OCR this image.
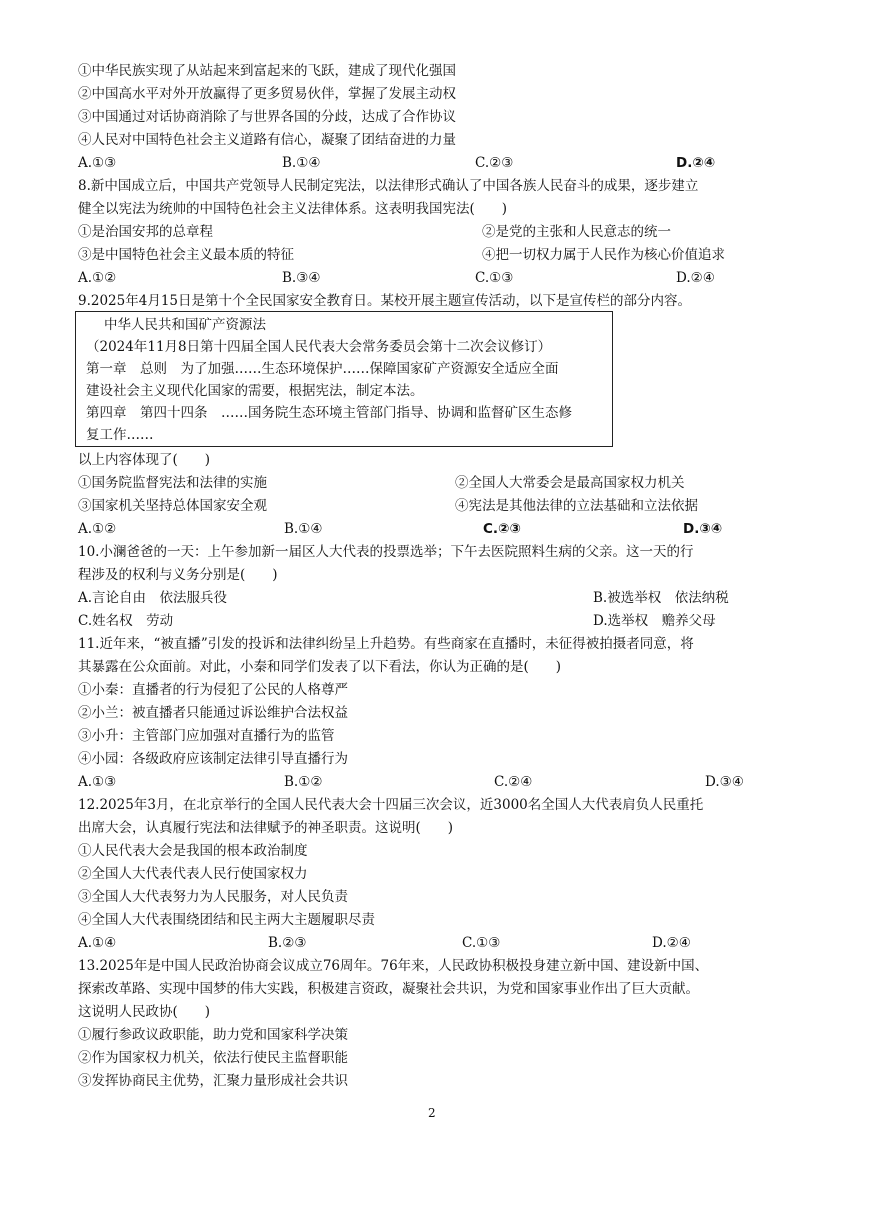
①中华民族实现了从站起来到富起来的飞跃，建成了现代化强国
②中国高水平对外开放赢得了更多贸易伙伴，掌握了发展主动权
③中国通过对话协商消除了与世界各国的分歧，达成了合作协议
④人民对中国特色社会主义道路有信心，凝聚了团结奋进的力量
A.①③	B.①④	C.②③	D.②④
8.新中国成立后，中国共产党领导人民制定宪法，以法律形式确认了中国各族人民奋斗的成果，逐步建立
健全以宪法为统帅的中国特色社会主义法律体系。这表明我国宪法(　　)
①是治国安邦的总章程	②是党的主张和人民意志的统一
③是中国特色社会主义最本质的特征	④把一切权力属于人民作为核心价值追求
A.①②	B.③④	C.①③	D.②④
9.2025年4月15日是第十个全民国家安全教育日。某校开展主题宣传活动，以下是宣传栏的部分内容。
中华人民共和国矿产资源法
（2024年11月8日第十四届全国人民代表大会常务委员会第十二次会议修订）
第一章　总则　为了加强……生态环境保护……保障国家矿产资源安全适应全面
建设社会主义现代化国家的需要，根据宪法，制定本法。
第四章　第四十四条　……国务院生态环境主管部门指导、协调和监督矿区生态修
复工作……
以上内容体现了(　　)
①国务院监督宪法和法律的实施	②全国人大常委会是最高国家权力机关
③国家机关坚持总体国家安全观	④宪法是其他法律的立法基础和立法依据
A.①②	B.①④	C.②③	D.③④
10.小澜爸爸的一天：上午参加新一届区人大代表的投票选举；下午去医院照料生病的父亲。这一天的行
程涉及的权利与义务分别是(　　)
A.言论自由　依法服兵役	B.被选举权　依法纳税
C.姓名权　劳动	D.选举权　赡养父母
11.近年来，“被直播”引发的投诉和法律纠纷呈上升趋势。有些商家在直播时，未征得被拍摄者同意，将
其暴露在公众面前。对此，小秦和同学们发表了以下看法，你认为正确的是(　　)
①小秦：直播者的行为侵犯了公民的人格尊严
②小兰：被直播者只能通过诉讼维护合法权益
③小升：主管部门应加强对直播行为的监管
④小园：各级政府应该制定法律引导直播行为
A.①③	B.①②	C.②④	D.③④
12.2025年3月，在北京举行的全国人民代表大会十四届三次会议，近3000名全国人大代表肩负人民重托
出席大会，认真履行宪法和法律赋予的神圣职责。这说明(　　)
①人民代表大会是我国的根本政治制度
②全国人大代表代表人民行使国家权力
③全国人大代表努力为人民服务，对人民负责
④全国人大代表围绕团结和民主两大主题履职尽责
A.①④	B.②③	C.①③	D.②④
13.2025年是中国人民政治协商会议成立76周年。76年来，人民政协积极投身建立新中国、建设新中国、
探索改革路、实现中国梦的伟大实践，积极建言资政，凝聚社会共识，为党和国家事业作出了巨大贡献。
这说明人民政协(　　)
①履行参政议政职能，助力党和国家科学决策
②作为国家权力机关，依法行使民主监督职能
③发挥协商民主优势，汇聚力量形成社会共识
2
